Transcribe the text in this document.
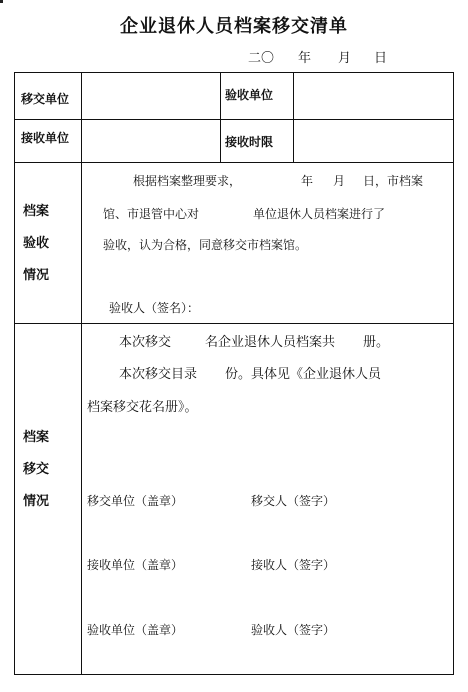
企业退休人员档案移交清单
二〇 年 月 日
移交单位	验收单位
接收单位	接收时限
档案
验收
情况
根据档案整理要求，	年 月 日，市档案
馆、市退管中心对	单位退休人员档案进行了
验收，认为合格，同意移交市档案馆。
验收人（签名）：
档案
移交
情况
本次移交	名企业退休人员档案共 册。
本次移交目录 份。具体见《企业退休人员
档案移交花名册》。
移交单位（盖章）	移交人（签字）
接收单位（盖章）	接收人（签字）
验收单位（盖章）	验收人（签字）
